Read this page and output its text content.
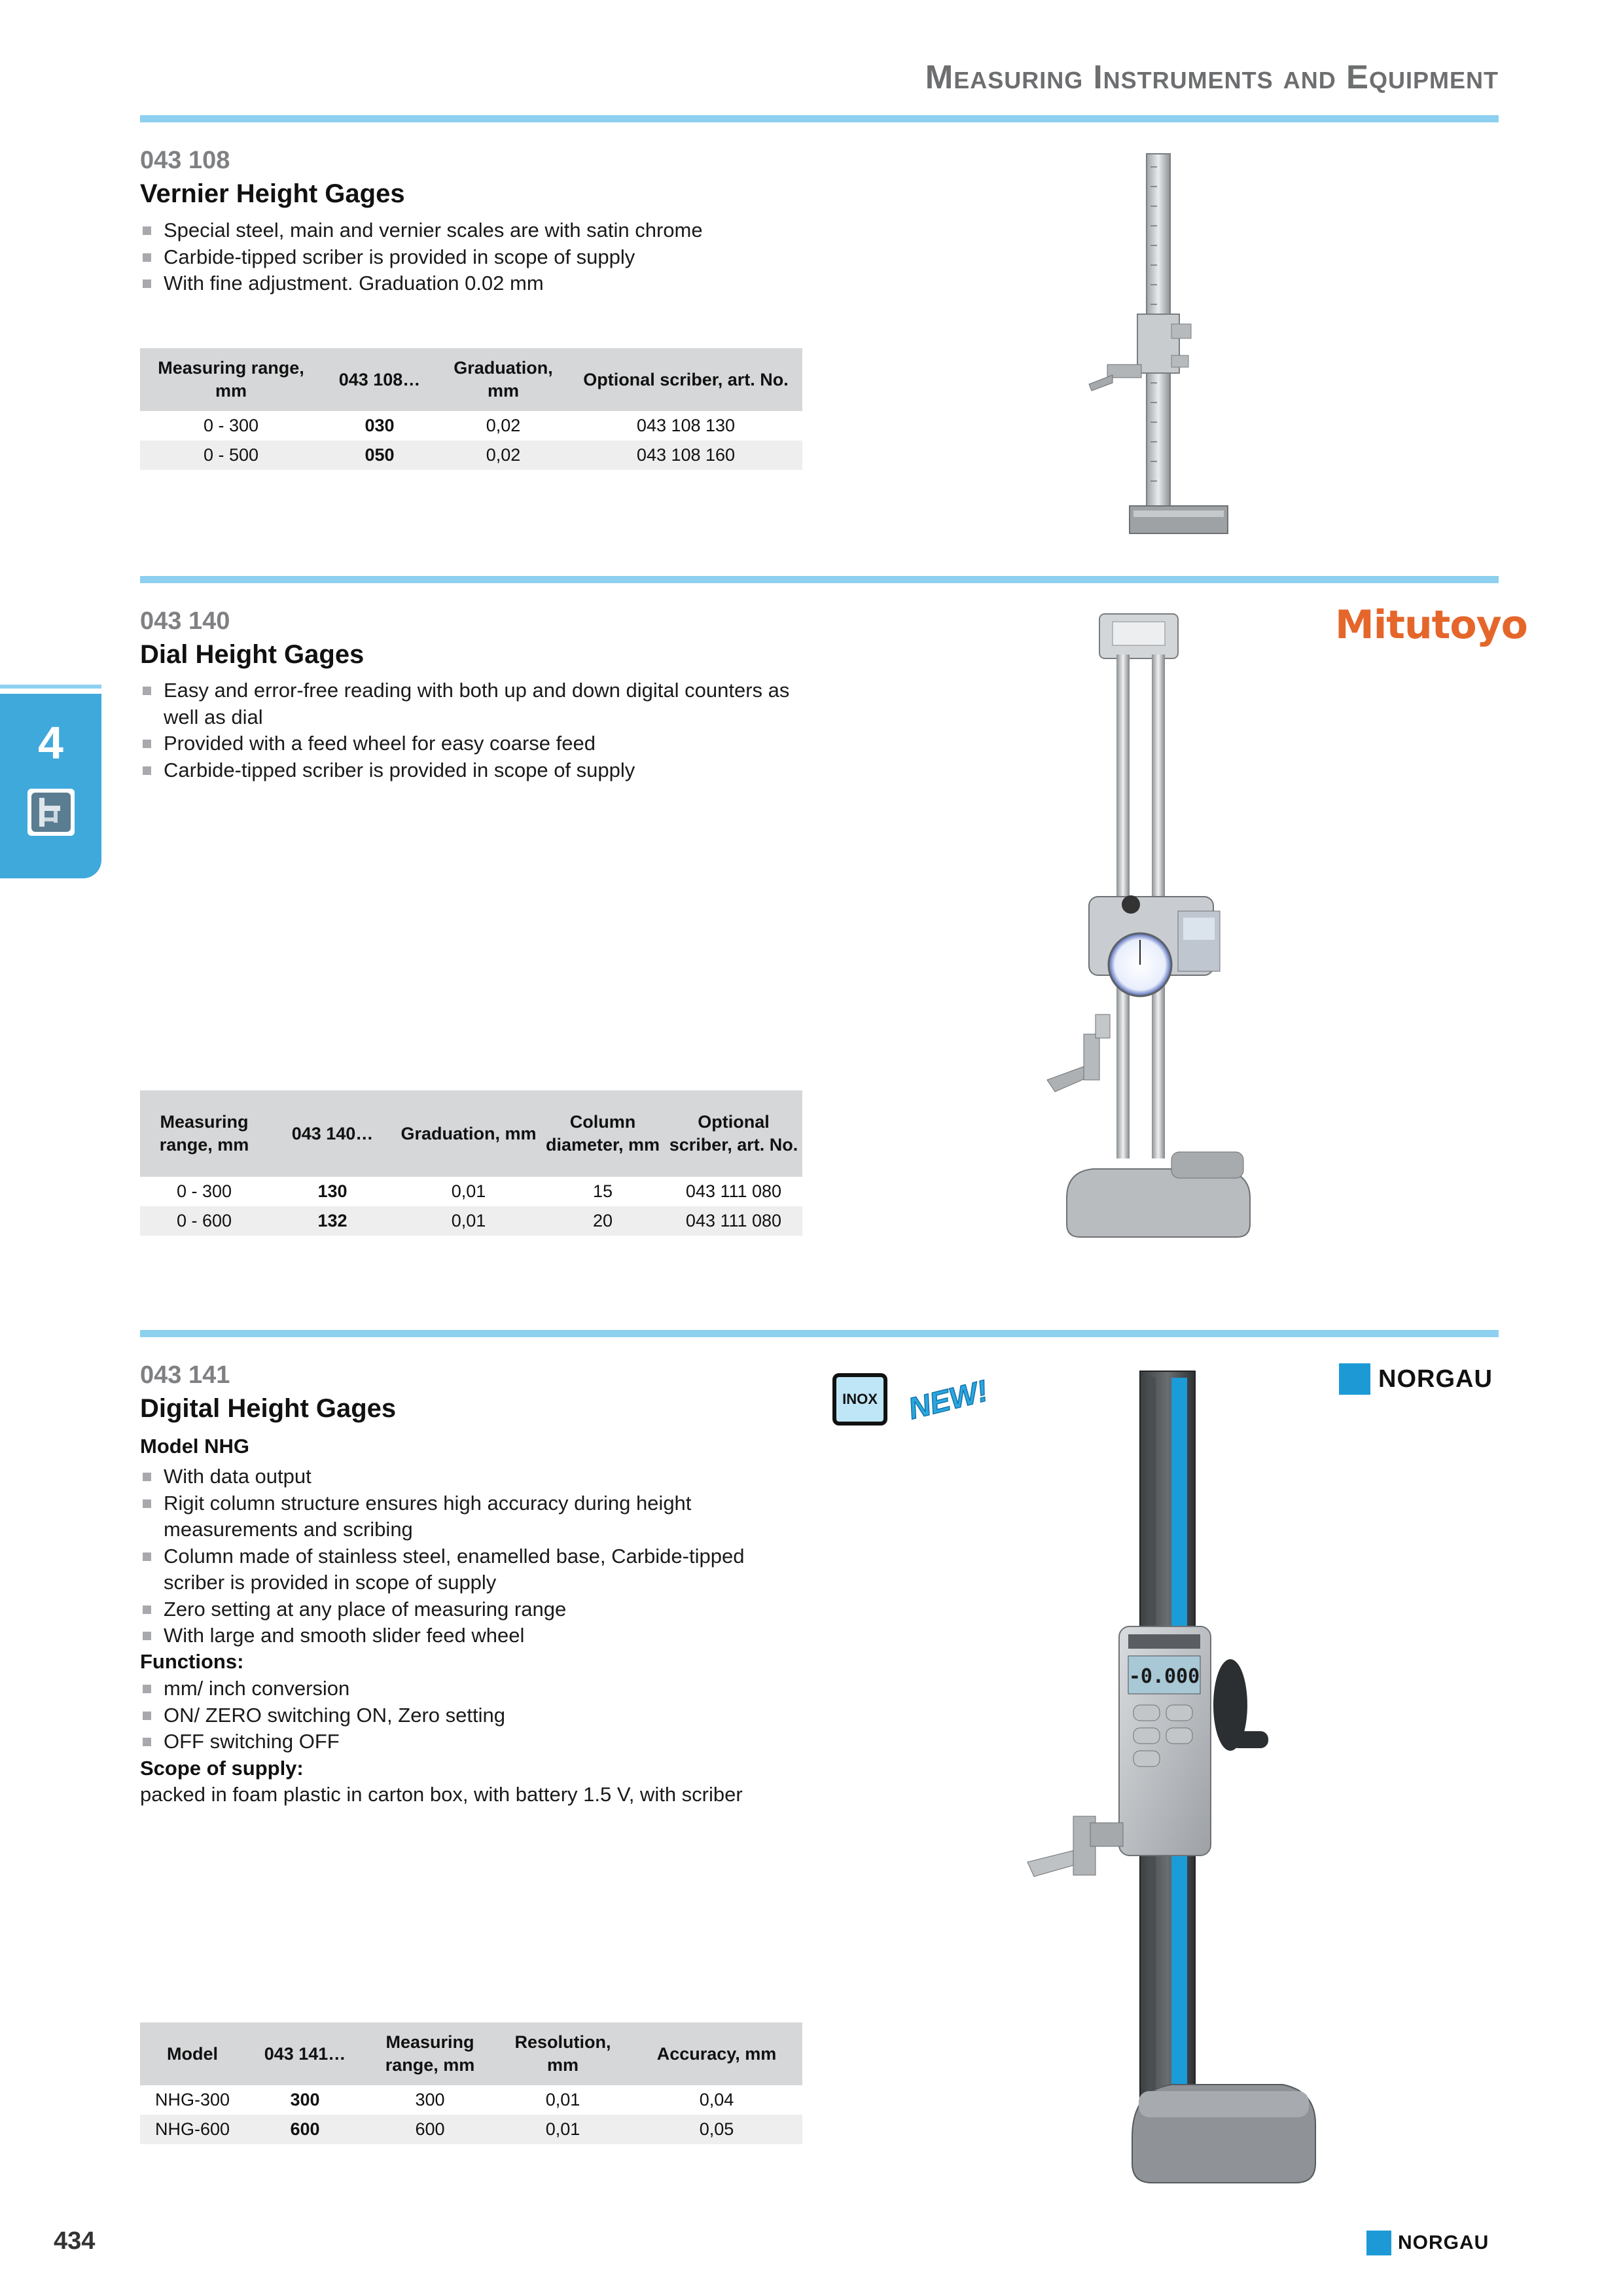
Measuring Instruments and Equipment
4
043 108
Vernier Height Gages
Special steel, main and vernier scales are with satin chrome
Carbide-tipped scriber is provided in scope of supply
With fine adjustment. Graduation 0.02 mm
Measuring range, mm	043 108…	Graduation, mm	Optional scriber, art. No.
0 - 300	030	0,02	043 108 130
0 - 500	050	0,02	043 108 160
043 140
Dial Height Gages
Easy and error-free reading with both up and down digital counters as well as dial
Provided with a feed wheel for easy coarse feed
Carbide-tipped scriber is provided in scope of supply
Mitutoyo
Measuring range, mm	043 140…	Graduation, mm	Column diameter, mm	Optional scriber, art. No.
0 - 300	130	0,01	15	043 111 080
0 - 600	132	0,01	20	043 111 080
043 141
Digital Height Gages
Model NHG
With data output
Rigit column structure ensures high accuracy during height measurements and scribing
Column made of stainless steel, enamelled base, Carbide-tipped scriber is provided in scope of supply
Zero setting at any place of measuring range
With large and smooth slider feed wheel
Functions:
mm/ inch conversion
ON/ ZERO switching ON, Zero setting
OFF switching OFF
Scope of supply:
packed in foam plastic in carton box, with battery 1.5 V, with scriber
INOX NEW!	NORGAU
Model	043 141…	Measuring range, mm	Resolution, mm	Accuracy, mm
NHG-300	300	300	0,01	0,04
NHG-600	600	600	0,01	0,05
-0.000
434	NORGAU
